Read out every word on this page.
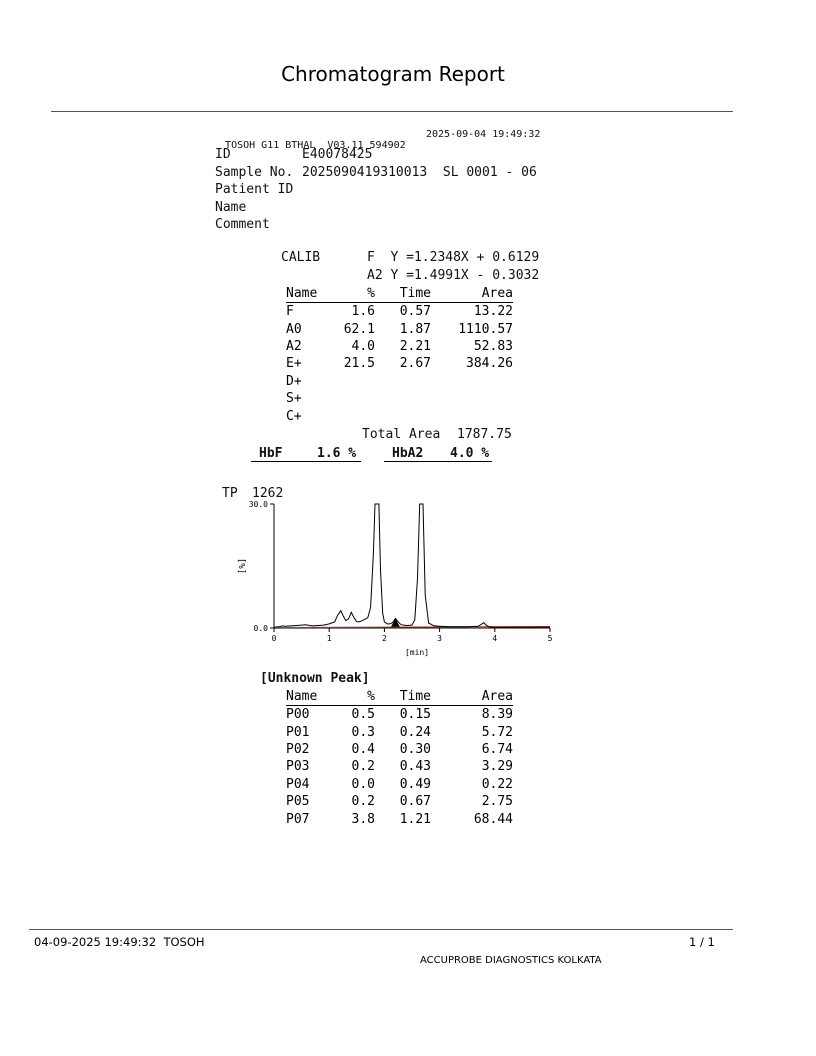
Chromatogram Report

TOSOH G11 BTHAL  V03.11 594902

2025-09-04 19:49:32
ID	E40078425
Sample No. 2025090419310013  SL 0001 - 06
Patient ID
Name
Comment
CALIB	F  Y =1.2348X + 0.6129
A2 Y =1.4991X - 0.3032
Name	%	Time	Area
F	1.6	0.57	13.22
A0	62.1	1.87	1110.57
A2	4.0	2.21	52.83
E+	21.5	2.67	384.26
D+			
S+			
C+			
Total Area 1787.75
HbF	1.6 %	HbA2 4.0 %
TP 1262
30.0
0.0
[%]
0	1	2	3	4	5
[min]
[Unknown Peak]
Name	%	Time	Area
P00	0.5	0.15	8.39
P01	0.3	0.24	5.72
P02	0.4	0.30	6.74
P03	0.2	0.43	3.29
P04	0.0	0.49	0.22
P05	0.2	0.67	2.75
P07	3.8	1.21	68.44
04-09-2025 19:49:32  TOSOH	1 / 1
ACCUPROBE DIAGNOSTICS KOLKATA
